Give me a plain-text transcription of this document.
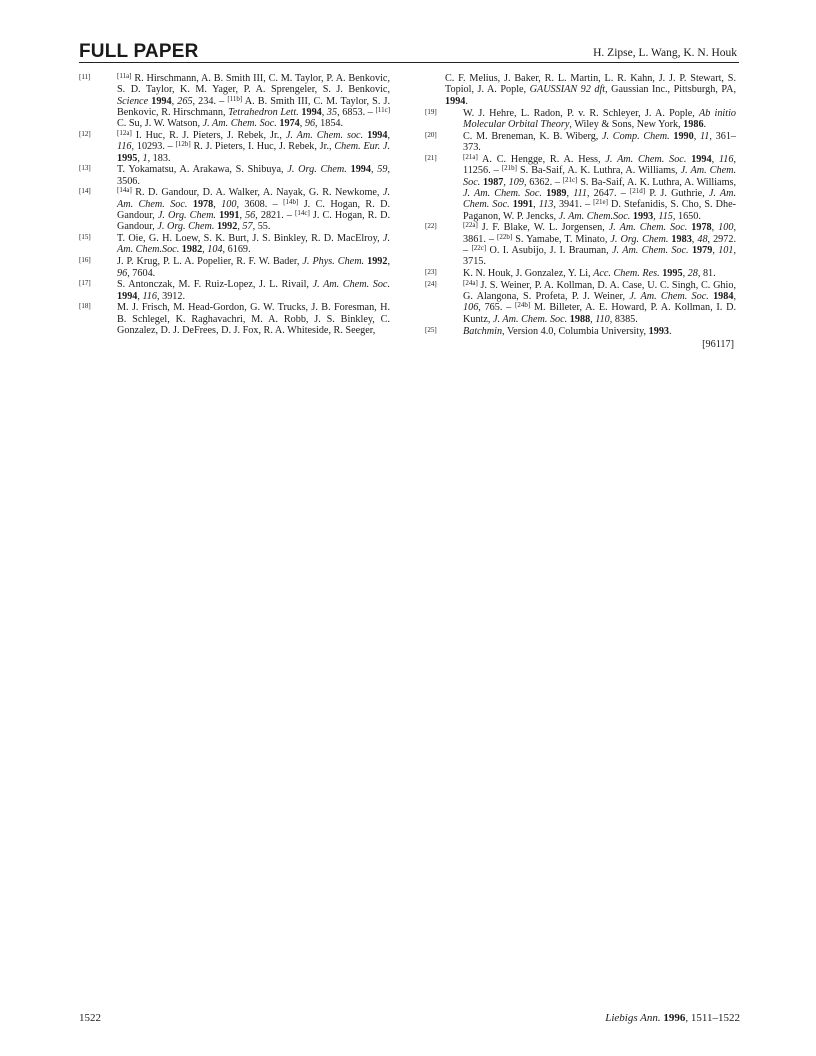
FULL PAPER	H. Zipse, L. Wang, K. N. Houk
[11]	[11a] R. Hirschmann, A. B. Smith III, C. M. Taylor, P. A. Benkovic, S. D. Taylor, K. M. Yager, P. A. Sprengeler, S. J. Benkovic, Science 1994, 265, 234. – [11b] A. B. Smith III, C. M. Taylor, S. J. Benkovic, R. Hirschmann, Tetrahedron Lett. 1994, 35, 6853. – [11c] C. Su, J. W. Watson, J. Am. Chem. Soc. 1974, 96, 1854.
[12]	[12a] I. Huc, R. J. Pieters, J. Rebek, Jr., J. Am. Chem. soc. 1994, 116, 10293. – [12b] R. J. Pieters, I. Huc, J. Rebek, Jr., Chem. Eur. J. 1995, 1, 183.
[13]	T. Yokamatsu, A. Arakawa, S. Shibuya, J. Org. Chem. 1994, 59, 3506.
[14]	[14a] R. D. Gandour, D. A. Walker, A. Nayak, G. R. Newkome, J. Am. Chem. Soc. 1978, 100, 3608. – [14b] J. C. Hogan, R. D. Gandour, J. Org. Chem. 1991, 56, 2821. – [14c] J. C. Hogan, R. D. Gandour, J. Org. Chem. 1992, 57, 55.
[15]	T. Oie, G. H. Loew, S. K. Burt, J. S. Binkley, R. D. MacElroy, J. Am. Chem.Soc. 1982, 104, 6169.
[16]	J. P. Krug, P. L. A. Popelier, R. F. W. Bader, J. Phys. Chem. 1992, 96, 7604.
[17]	S. Antonczak, M. F. Ruiz-Lopez, J. L. Rivail, J. Am. Chem. Soc. 1994, 116, 3912.
[18]	M. J. Frisch, M. Head-Gordon, G. W. Trucks, J. B. Foresman, H. B. Schlegel, K. Raghavachri, M. A. Robb, J. S. Binkley, C. Gonzalez, D. J. DeFrees, D. J. Fox, R. A. Whiteside, R. Seeger,
C. F. Melius, J. Baker, R. L. Martin, L. R. Kahn, J. J. P. Stewart, S. Topiol, J. A. Pople, GAUSSIAN 92 dft, Gaussian Inc., Pittsburgh, PA, 1994.
[19]	W. J. Hehre, L. Radon, P. v. R. Schleyer, J. A. Pople, Ab initio Molecular Orbital Theory, Wiley & Sons, New York, 1986.
[20]	C. M. Breneman, K. B. Wiberg, J. Comp. Chem. 1990, 11, 361–373.
[21]	[21a] A. C. Hengge, R. A. Hess, J. Am. Chem. Soc. 1994, 116, 11256. – [21b] S. Ba-Saif, A. K. Luthra, A. Williams, J. Am. Chem. Soc. 1987, 109, 6362. – [21c] S. Ba-Saif, A. K. Luthra, A. Williams, J. Am. Chem. Soc. 1989, 111, 2647. – [21d] P. J. Guthrie, J. Am. Chem. Soc. 1991, 113, 3941. – [21e] D. Stefanidis, S. Cho, S. Dhe-Paganon, W. P. Jencks, J. Am. Chem.Soc. 1993, 115, 1650.
[22]	[22a] J. F. Blake, W. L. Jorgensen, J. Am. Chem. Soc. 1978, 100, 3861. – [22b] S. Yamabe, T. Minato, J. Org. Chem. 1983, 48, 2972. – [22c] O. I. Asubijo, J. I. Brauman, J. Am. Chem. Soc. 1979, 101, 3715.
[23]	K. N. Houk, J. Gonzalez, Y. Li, Acc. Chem. Res. 1995, 28, 81.
[24]	[24a] J. S. Weiner, P. A. Kollman, D. A. Case, U. C. Singh, C. Ghio, G. Alangona, S. Profeta, P. J. Weiner, J. Am. Chem. Soc. 1984, 106, 765. – [24b] M. Billeter, A. E. Howard, P. A. Kollman, I. D. Kuntz, J. Am. Chem. Soc. 1988, 110, 8385.
[25]	Batchmin, Version 4.0, Columbia University, 1993.
[96117]
1522	Liebigs Ann. 1996, 1511–1522
